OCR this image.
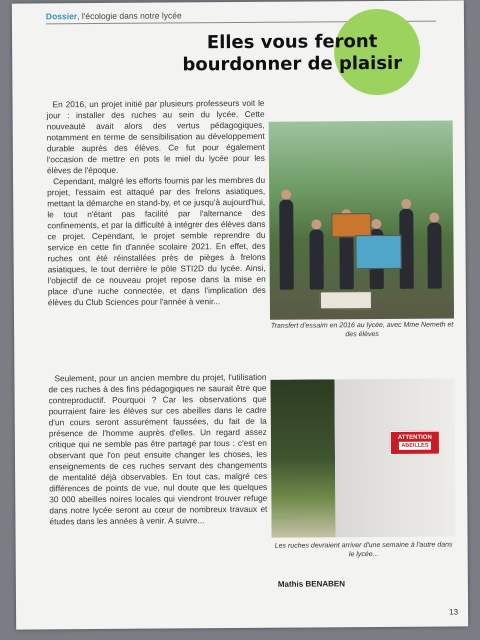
Dossier, l'écologie dans notre lycée
Elles vous feront
bourdonner de plaisir

En 2016, un projet initié par plusieurs professeurs voit le jour : installer des ruches au sein du lycée. Cette nouveauté avait alors des vertus pédagogiques, notamment en terme de sensibilisation au développement durable auprès des élèves. Ce fut pour également l'occasion de mettre en pots le miel du lycée pour les élèves de l'époque.

Cependant, malgré les efforts fournis par les membres du projet, l'essaim est attaqué par des frelons asiatiques, mettant la démarche en stand-by, et ce jusqu'à aujourd'hui, le tout n'étant pas facilité par l'alternance des confinements, et par la difficulté à intégrer des élèves dans ce projet. Cependant, le projet semble reprendre du service en cette fin d'année scolaire 2021. En effet, des ruches ont été réinstallées près de pièges à frelons asiatiques, le tout derrière le pôle STI2D du lycée. Ainsi, l'objectif de ce nouveau projet repose dans la mise en place d'une ruche connectée, et dans l'implication des élèves du Club Sciences pour l'année à venir...

Seulement, pour un ancien membre du projet, l'utilisation de ces ruches à des fins pédagogiques ne saurait être que contreproductif. Pourquoi ? Car les observations que pourraient faire les élèves sur ces abeilles dans le cadre d'un cours seront assurément faussées, du fait de la présence de l'homme auprès d'elles. Un regard assez critique qui ne semble pas être partagé par tous : c'est en observant que l'on peut ensuite changer les choses, les enseignements de ces ruches servant des changements de mentalité déjà observables. En tout cas, malgré ces différences de points de vue, nul doute que les quelques 30 000 abeilles noires locales qui viendront trouver refuge dans notre lycée seront au cœur de nombreux travaux et études dans les années à venir. A suivre...

Transfert d'essaim en 2016 au lycée, avec Mme Nemeth et des élèves
ATTENTION
ABEILLES
Les ruches devraient arriver d'une semaine à l'autre dans le lycée...
Mathis BENABEN
13
